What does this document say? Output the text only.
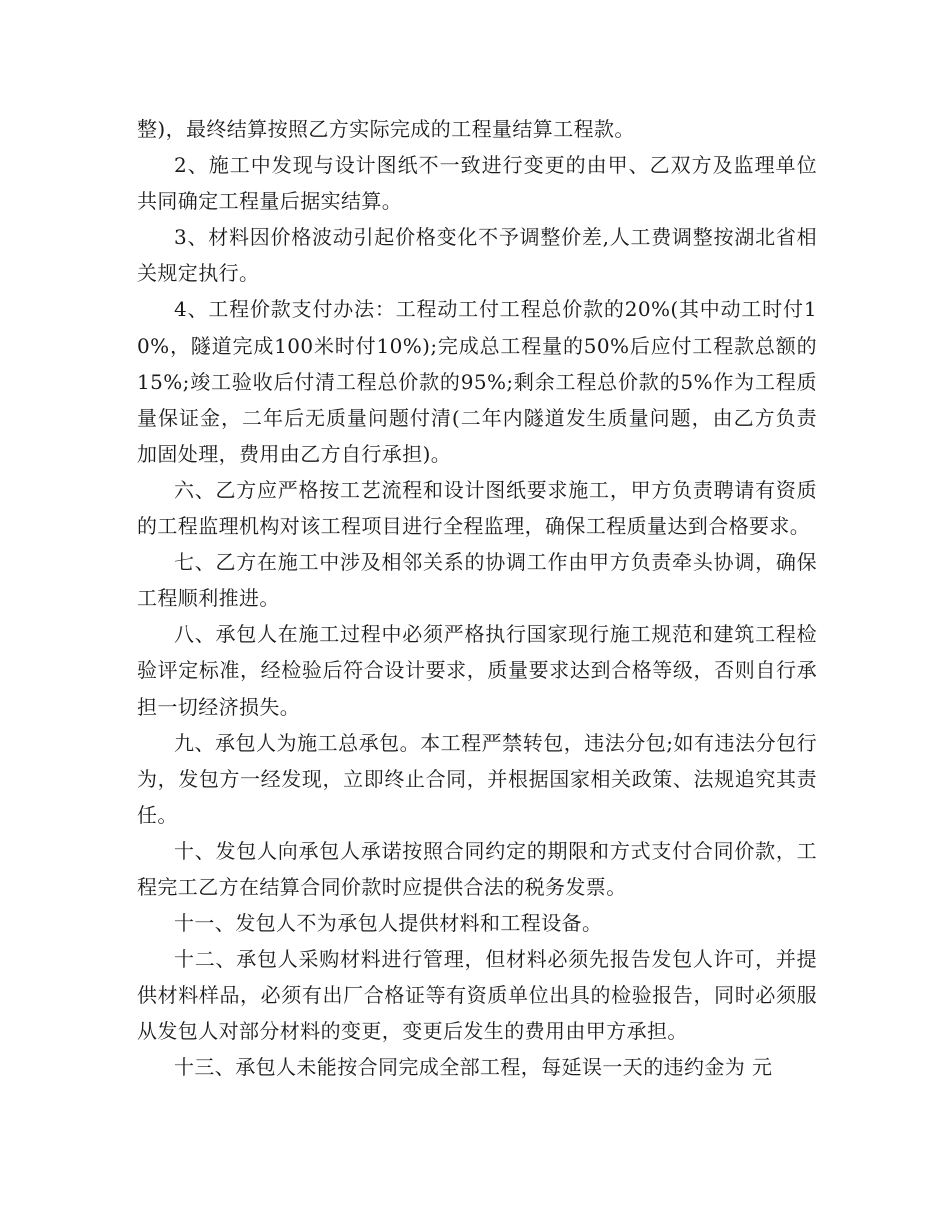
整)，最终结算按照乙方实际完成的工程量结算工程款。

2、施工中发现与设计图纸不一致进行变更的由甲、乙双方及监理单位共同确定工程量后据实结算。

3、材料因价格波动引起价格变化不予调整价差,人工费调整按湖北省相关规定执行。

4、工程价款支付办法：工程动工付工程总价款的20%(其中动工时付10%，隧道完成100米时付10%);完成总工程量的50%后应付工程款总额的15%;竣工验收后付清工程总价款的95%;剩余工程总价款的5%作为工程质量保证金，二年后无质量问题付清(二年内隧道发生质量问题，由乙方负责加固处理，费用由乙方自行承担)。

六、乙方应严格按工艺流程和设计图纸要求施工，甲方负责聘请有资质的工程监理机构对该工程项目进行全程监理，确保工程质量达到合格要求。

七、乙方在施工中涉及相邻关系的协调工作由甲方负责牵头协调，确保工程顺利推进。

八、承包人在施工过程中必须严格执行国家现行施工规范和建筑工程检验评定标准，经检验后符合设计要求，质量要求达到合格等级，否则自行承担一切经济损失。

九、承包人为施工总承包。本工程严禁转包，违法分包;如有违法分包行为，发包方一经发现，立即终止合同，并根据国家相关政策、法规追究其责任。

十、发包人向承包人承诺按照合同约定的期限和方式支付合同价款，工程完工乙方在结算合同价款时应提供合法的税务发票。

十一、发包人不为承包人提供材料和工程设备。

十二、承包人采购材料进行管理，但材料必须先报告发包人许可，并提供材料样品，必须有出厂合格证等有资质单位出具的检验报告，同时必须服从发包人对部分材料的变更，变更后发生的费用由甲方承担。

十三、承包人未能按合同完成全部工程，每延误一天的违约金为 元
